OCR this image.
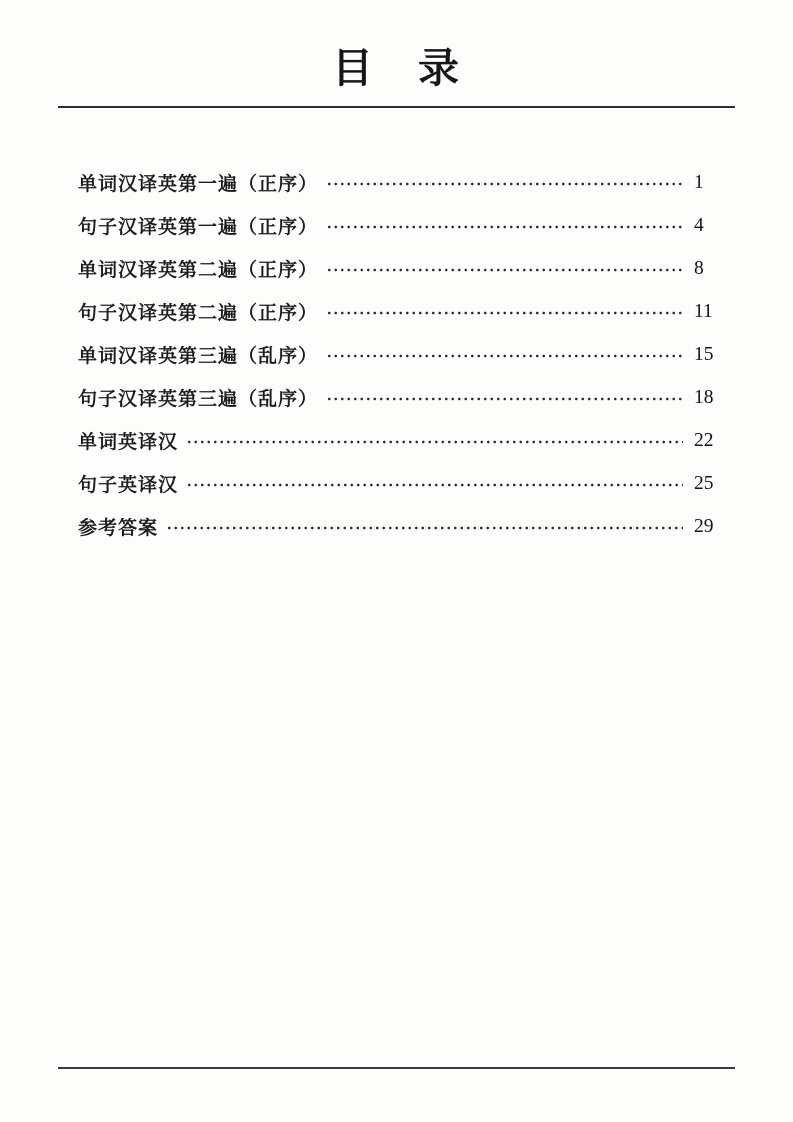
目　录
单词汉译英第一遍（正序）	1
句子汉译英第一遍（正序）	4
单词汉译英第二遍（正序）	8
句子汉译英第二遍（正序）	11
单词汉译英第三遍（乱序）	15
句子汉译英第三遍（乱序）	18
单词英译汉	22
句子英译汉	25
参考答案	29
